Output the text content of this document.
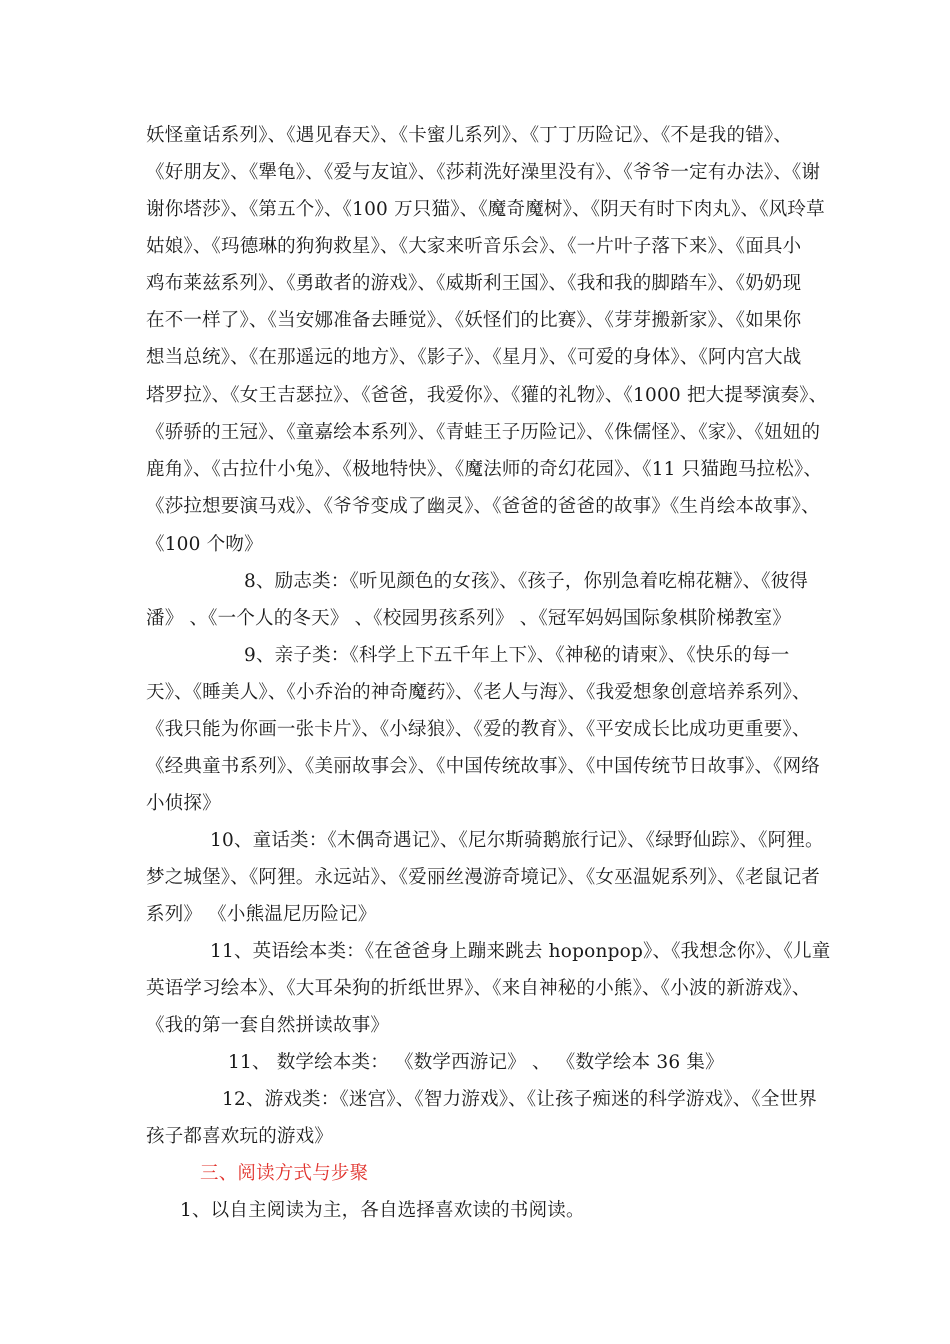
妖怪童话系列》、《遇见春天》、《卡蜜儿系列》、《丁丁历险记》、《不是我的错》、
《好朋友》、《犟龟》、《爱与友谊》、《莎莉洗好澡里没有》、《爷爷一定有办法》、《谢
谢你塔莎》、《第五个》、《100 万只猫》、《魔奇魔树》、《阴天有时下肉丸》、《风玲草
姑娘》、《玛德琳的狗狗救星》、《大家来听音乐会》、《一片叶子落下来》、《面具小
鸡布莱兹系列》、《勇敢者的游戏》、《威斯利王国》、《我和我的脚踏车》、《奶奶现
在不一样了》、《当安娜准备去睡觉》、《妖怪们的比赛》、《芽芽搬新家》、《如果你
想当总统》、《在那遥远的地方》、《影子》、《星月》、《可爱的身体》、《阿内宫大战
塔罗拉》、《女王吉瑟拉》、《爸爸，我爱你》、《獾的礼物》、《1000 把大提琴演奏》、
《骄骄的王冠》、《童嘉绘本系列》、《青蛙王子历险记》、《侏儒怪》、《家》、《妞妞的
鹿角》、《古拉什小兔》、《极地特快》、《魔法师的奇幻花园》、《11 只猫跑马拉松》、
《莎拉想要演马戏》、《爷爷变成了幽灵》、《爸爸的爸爸的故事》《生肖绘本故事》、
《100 个吻》
8、励志类：《听见颜色的女孩》、《孩子，你别急着吃棉花糖》、《彼得
潘》 、《一个人的冬天》 、《校园男孩系列》 、《冠军妈妈国际象棋阶梯教室》
9、亲子类：《科学上下五千年上下》、《神秘的请柬》、《快乐的每一
天》、《睡美人》、《小乔治的神奇魔药》、《老人与海》、《我爱想象创意培养系列》、
《我只能为你画一张卡片》、《小绿狼》、《爱的教育》、《平安成长比成功更重要》、
《经典童书系列》、《美丽故事会》、《中国传统故事》、《中国传统节日故事》、《网络
小侦探》
10、童话类：《木偶奇遇记》、《尼尔斯骑鹅旅行记》、《绿野仙踪》、《阿狸。
梦之城堡》、《阿狸。永远站》、《爱丽丝漫游奇境记》、《女巫温妮系列》、《老鼠记者
系列》 《小熊温尼历险记》
11、英语绘本类：《在爸爸身上蹦来跳去 hoponpop》、《我想念你》、《儿童
英语学习绘本》、《大耳朵狗的折纸世界》、《来自神秘的小熊》、《小波的新游戏》、
《我的第一套自然拼读故事》
11、 数学绘本类： 《数学西游记》 、 《数学绘本 36 集》
12、游戏类：《迷宫》、《智力游戏》、《让孩子痴迷的科学游戏》、《全世界
孩子都喜欢玩的游戏》
三、阅读方式与步聚
1、以自主阅读为主，各自选择喜欢读的书阅读。
